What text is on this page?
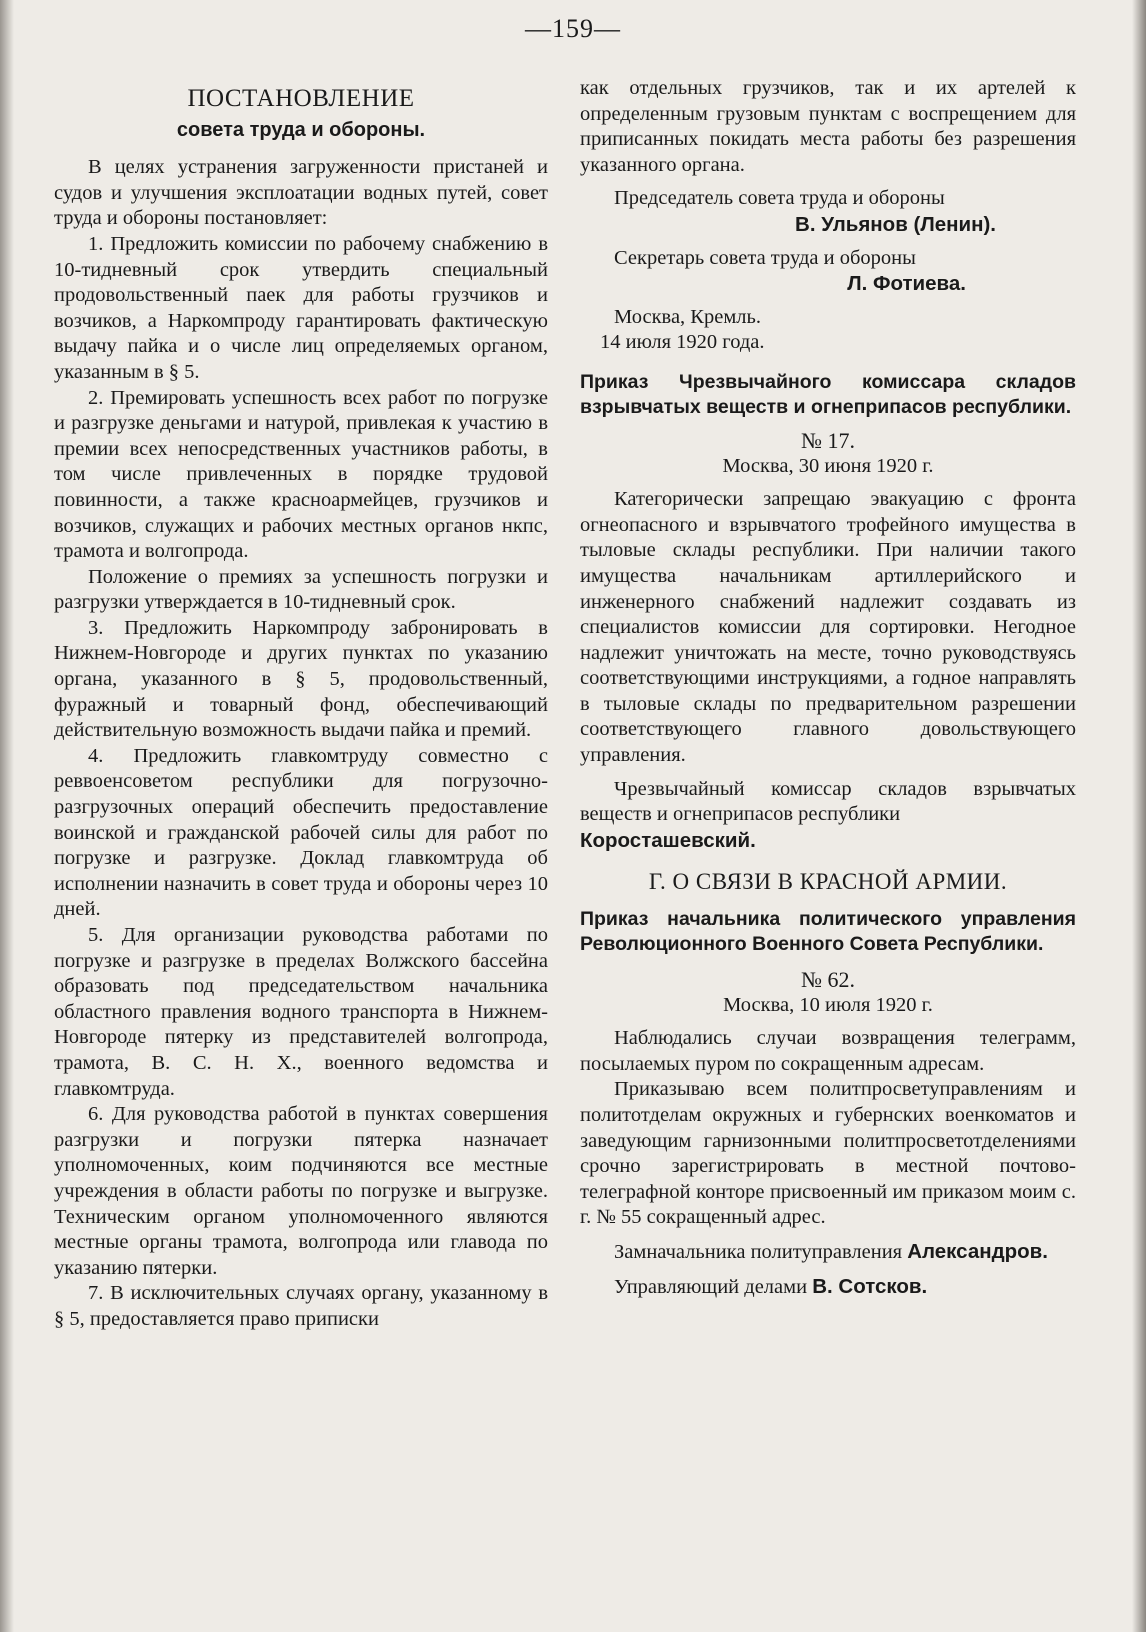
—159—
ПОСТАНОВЛЕНИЕ
совета труда и обороны.

В целях устранения загруженности пристаней и судов и улучшения эксплоатации водных путей, совет труда и обороны постановляет:

1. Предложить комиссии по рабочему снабжению в 10-тидневный срок утвердить специальный продовольственный паек для работы грузчиков и возчиков, а Наркомпроду гарантировать фактическую выдачу пайка и о числе лиц определяемых органом, указанным в § 5.

2. Премировать успешность всех работ по погрузке и разгрузке деньгами и натурой, привлекая к участию в премии всех непосредственных участников работы, в том числе привлеченных в порядке трудовой повинности, а также красноармейцев, грузчиков и возчиков, служащих и рабочих местных органов нкпс, трамота и волгопрода.

Положение о премиях за успешность погрузки и разгрузки утверждается в 10-тидневный срок.

3. Предложить Наркомпроду забронировать в Нижнем-Новгороде и других пунктах по указанию органа, указанного в § 5, продовольственный, фуражный и товарный фонд, обеспечивающий действительную возможность выдачи пайка и премий.

4. Предложить главкомтруду совместно с реввоенсоветом республики для погрузочно-разгрузочных операций обеспечить предоставление воинской и гражданской рабочей силы для работ по погрузке и разгрузке. Доклад главкомтруда об исполнении назначить в совет труда и обороны через 10 дней.

5. Для организации руководства работами по погрузке и разгрузке в пределах Волжского бассейна образовать под председательством начальника областного правления водного транспорта в Нижнем-Новгороде пятерку из представителей волгопрода, трамота, В. С. Н. Х., военного ведомства и главкомтруда.

6. Для руководства работой в пунктах совершения разгрузки и погрузки пятерка назначает уполномоченных, коим подчиняются все местные учреждения в области работы по погрузке и выгрузке. Техническим органом уполномоченного являются местные органы трамота, волгопрода или главода по указанию пятерки.

7. В исключительных случаях органу, указанному в § 5, предоставляется право приписки

как отдельных грузчиков, так и их артелей к определенным грузовым пунктам с воспрещением для приписанных покидать места работы без разрешения указанного органа.

Председатель совета труда и обороны

В. Ульянов (Ленин).

Секретарь совета труда и обороны

Л. Фотиева.

Москва, Кремль.

14 июля 1920 года.

Приказ Чрезвычайного комиссара складов взрывчатых веществ и огнеприпасов республики.

№ 17.

Москва, 30 июня 1920 г.

Категорически запрещаю эвакуацию с фронта огнеопасного и взрывчатого трофейного имущества в тыловые склады республики. При наличии такого имущества начальникам артиллерийского и инженерного снабжений надлежит создавать из специалистов комиссии для сортировки. Негодное надлежит уничтожать на месте, точно руководствуясь соответствующими инструкциями, а годное направлять в тыловые склады по предварительном разрешении соответствующего главного довольствующего управления.

Чрезвычайный комиссар складов взрывчатых веществ и огнеприпасов республики

Коросташевский.

Г. О СВЯЗИ В КРАСНОЙ АРМИИ.
Приказ начальника политического управления Революционного Военного Совета Республики.

№ 62.

Москва, 10 июля 1920 г.

Наблюдались случаи возвращения телеграмм, посылаемых пуром по сокращенным адресам.

Приказываю всем политпросветуправлениям и политотделам окружных и губернских военкоматов и заведующим гарнизонными политпросветотделениями срочно зарегистрировать в местной почтово-телеграфной конторе присвоенный им приказом моим с. г. № 55 сокращенный адрес.

Замначальника политуправления Александров.

Управляющий делами В. Сотсков.
